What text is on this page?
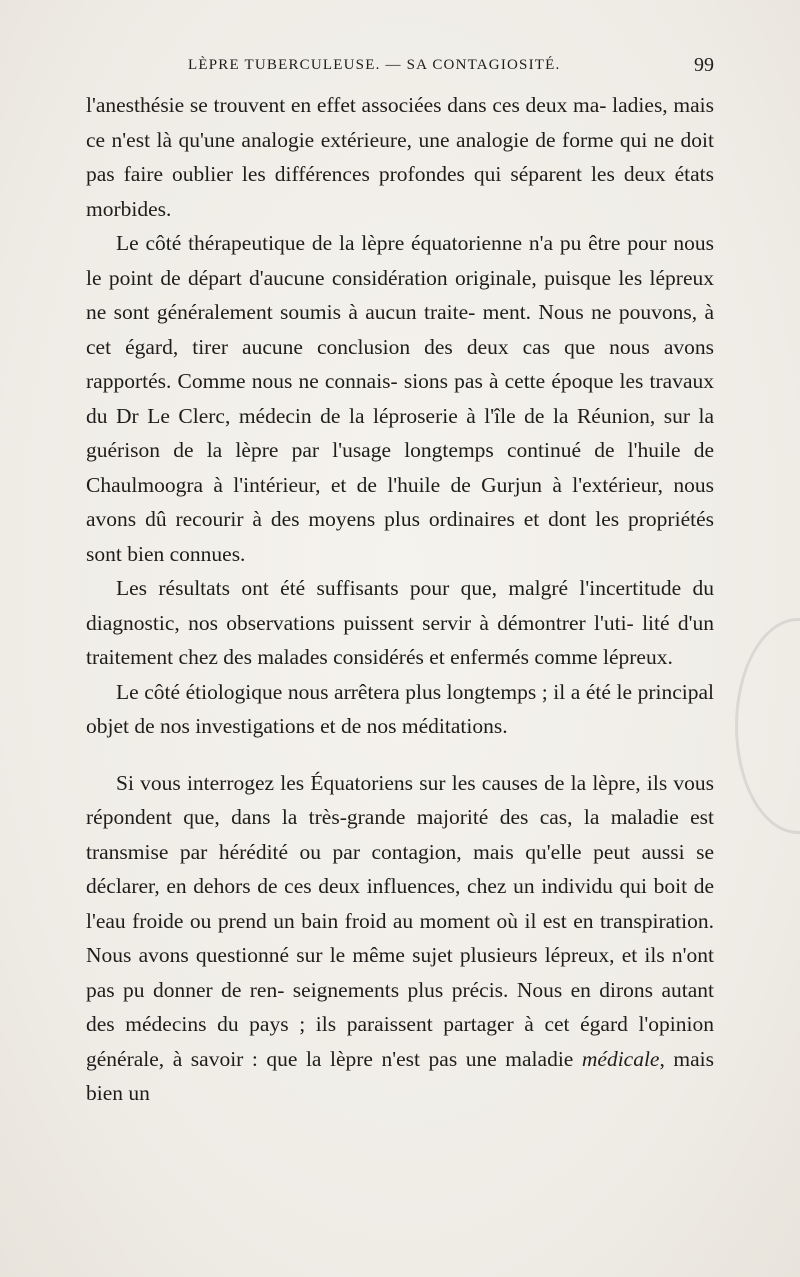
LÈPRE TUBERCULEUSE. — SA CONTAGIOSITÉ.	99

l'anesthésie se trouvent en effet associées dans ces deux ma- ladies, mais ce n'est là qu'une analogie extérieure, une analogie de forme qui ne doit pas faire oublier les différences profondes qui séparent les deux états morbides.

Le côté thérapeutique de la lèpre équatorienne n'a pu être pour nous le point de départ d'aucune considération originale, puisque les lépreux ne sont généralement soumis à aucun traite- ment. Nous ne pouvons, à cet égard, tirer aucune conclusion des deux cas que nous avons rapportés. Comme nous ne connais- sions pas à cette époque les travaux du Dr Le Clerc, médecin de la léproserie à l'île de la Réunion, sur la guérison de la lèpre par l'usage longtemps continué de l'huile de Chaulmoogra à l'intérieur, et de l'huile de Gurjun à l'extérieur, nous avons dû recourir à des moyens plus ordinaires et dont les propriétés sont bien connues.

Les résultats ont été suffisants pour que, malgré l'incertitude du diagnostic, nos observations puissent servir à démontrer l'uti- lité d'un traitement chez des malades considérés et enfermés comme lépreux.

Le côté étiologique nous arrêtera plus longtemps ; il a été le principal objet de nos investigations et de nos méditations.

Si vous interrogez les Équatoriens sur les causes de la lèpre, ils vous répondent que, dans la très-grande majorité des cas, la maladie est transmise par hérédité ou par contagion, mais qu'elle peut aussi se déclarer, en dehors de ces deux influences, chez un individu qui boit de l'eau froide ou prend un bain froid au moment où il est en transpiration. Nous avons questionné sur le même sujet plusieurs lépreux, et ils n'ont pas pu donner de ren- seignements plus précis. Nous en dirons autant des médecins du pays ; ils paraissent partager à cet égard l'opinion générale, à savoir : que la lèpre n'est pas une maladie médicale, mais bien un
